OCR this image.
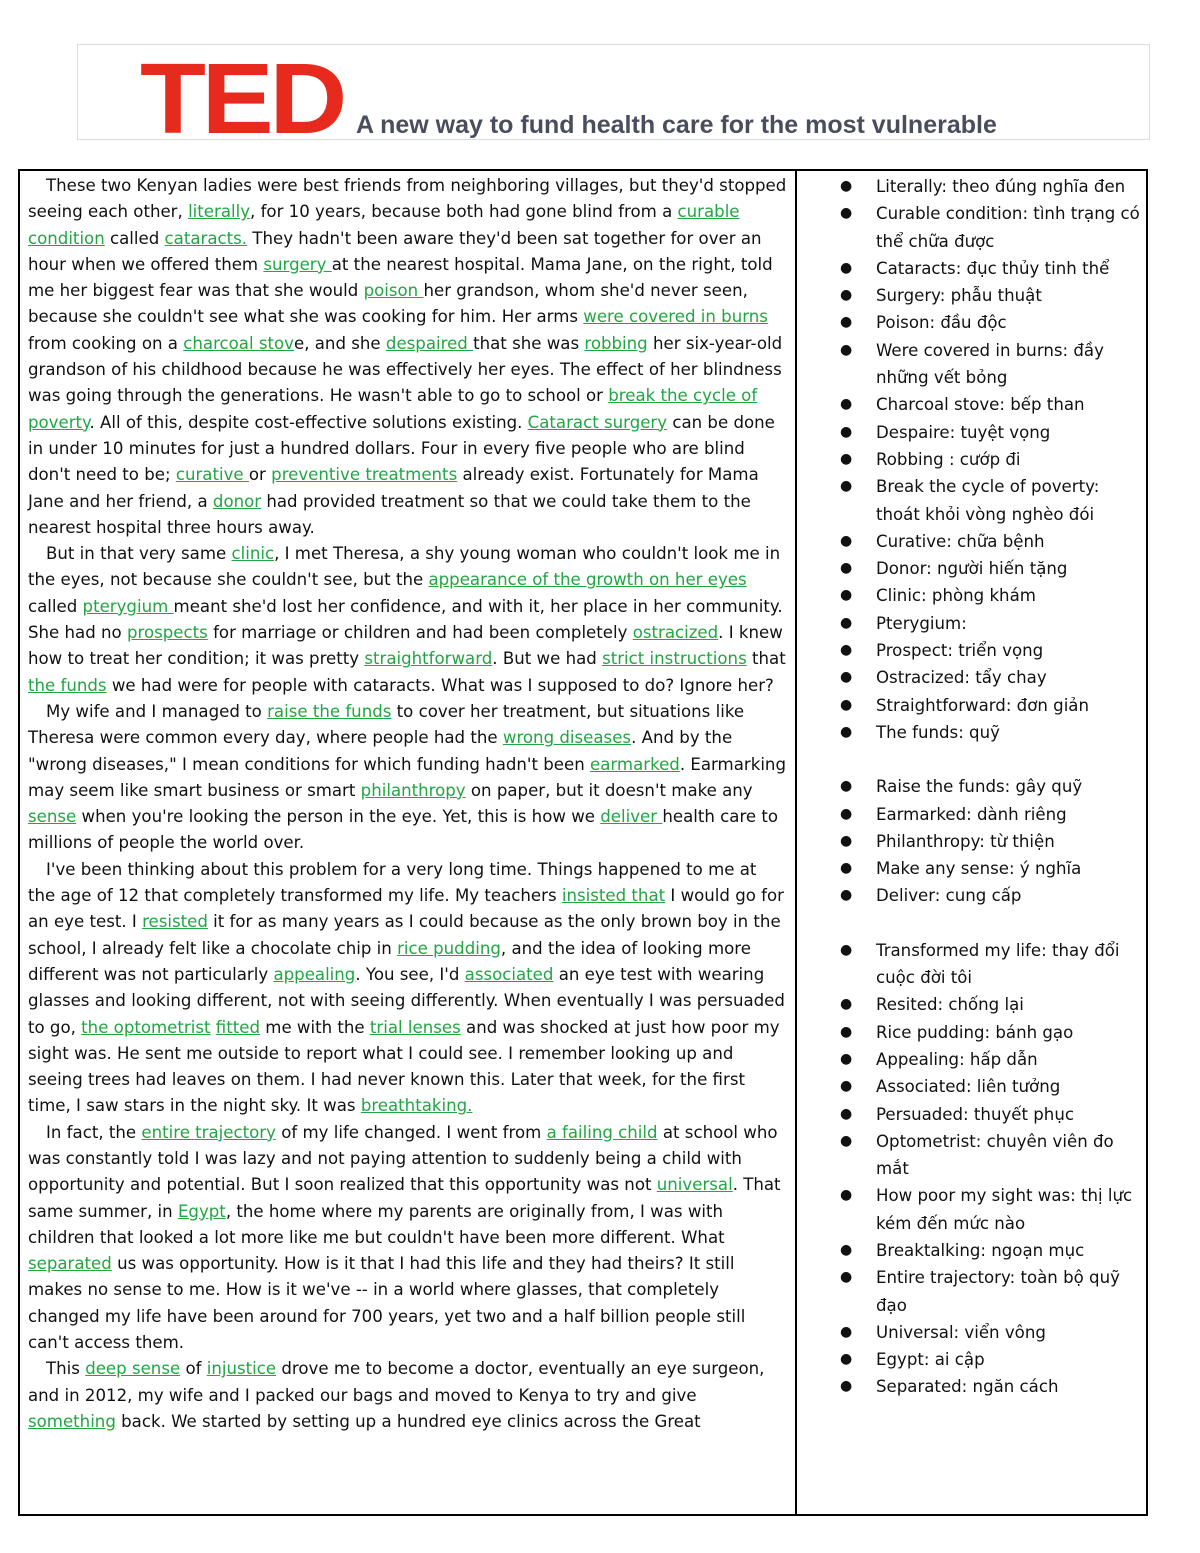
TED A new way to fund health care for the most vulnerable

These two Kenyan ladies were best friends from neighboring villages, but they'd stopped seeing each other, literally, for 10 years, because both had gone blind from a curable condition called cataracts. They hadn't been aware they'd been sat together for over an hour when we offered them surgery at the nearest hospital. Mama Jane, on the right, told me her biggest fear was that she would poison her grandson, whom she'd never seen, because she couldn't see what she was cooking for him. Her arms were covered in burns from cooking on a charcoal stove, and she despaired that she was robbing her six-year-old grandson of his childhood because he was effectively her eyes. The effect of her blindness was going through the generations. He wasn't able to go to school or break the cycle of poverty. All of this, despite cost-effective solutions existing. Cataract surgery can be done in under 10 minutes for just a hundred dollars. Four in every five people who are blind don't need to be; curative or preventive treatments already exist. Fortunately for Mama Jane and her friend, a donor had provided treatment so that we could take them to the nearest hospital three hours away.

But in that very same clinic, I met Theresa, a shy young woman who couldn't look me in the eyes, not because she couldn't see, but the appearance of the growth on her eyes called pterygium meant she'd lost her confidence, and with it, her place in her community. She had no prospects for marriage or children and had been completely ostracized. I knew how to treat her condition; it was pretty straightforward. But we had strict instructions that the funds we had were for people with cataracts. What was I supposed to do? Ignore her?

My wife and I managed to raise the funds to cover her treatment, but situations like Theresa were common every day, where people had the wrong diseases. And by the "wrong diseases," I mean conditions for which funding hadn't been earmarked. Earmarking may seem like smart business or smart philanthropy on paper, but it doesn't make any sense when you're looking the person in the eye. Yet, this is how we deliver health care to millions of people the world over.

I've been thinking about this problem for a very long time. Things happened to me at the age of 12 that completely transformed my life. My teachers insisted that I would go for an eye test. I resisted it for as many years as I could because as the only brown boy in the school, I already felt like a chocolate chip in rice pudding, and the idea of looking more different was not particularly appealing. You see, I'd associated an eye test with wearing glasses and looking different, not with seeing differently. When eventually I was persuaded to go, the optometrist fitted me with the trial lenses and was shocked at just how poor my sight was. He sent me outside to report what I could see. I remember looking up and seeing trees had leaves on them. I had never known this. Later that week, for the first time, I saw stars in the night sky. It was breathtaking.

In fact, the entire trajectory of my life changed. I went from a failing child at school who was constantly told I was lazy and not paying attention to suddenly being a child with opportunity and potential. But I soon realized that this opportunity was not universal. That same summer, in Egypt, the home where my parents are originally from, I was with children that looked a lot more like me but couldn't have been more different. What separated us was opportunity. How is it that I had this life and they had theirs? It still makes no sense to me. How is it we've -- in a world where glasses, that completely changed my life have been around for 700 years, yet two and a half billion people still can't access them.

This deep sense of injustice drove me to become a doctor, eventually an eye surgeon, and in 2012, my wife and I packed our bags and moved to Kenya to try and give something back. We started by setting up a hundred eye clinics across the Great

● Literally: theo đúng nghĩa đen
● Curable condition: tình trạng có thể chữa được
● Cataracts: đục thủy tinh thể
● Surgery: phẫu thuật
● Poison: đầu độc
● Were covered in burns: đầy những vết bỏng
● Charcoal stove: bếp than
● Despaire: tuyệt vọng
● Robbing : cướp đi
● Break the cycle of poverty: thoát khỏi vòng nghèo đói
● Curative: chữa bệnh
● Donor: người hiến tặng
● Clinic: phòng khám
● Pterygium:
● Prospect: triển vọng
● Ostracized: tẩy chay
● Straightforward: đơn giản
● The funds: quỹ
● Raise the funds: gây quỹ
● Earmarked: dành riêng
● Philanthropy: từ thiện
● Make any sense: ý nghĩa
● Deliver: cung cấp
● Transformed my life: thay đổi cuộc đời tôi
● Resited: chống lại
● Rice pudding: bánh gạo
● Appealing: hấp dẫn
● Associated: liên tưởng
● Persuaded: thuyết phục
● Optometrist: chuyên viên đo mắt
● How poor my sight was: thị lực kém đến mức nào
● Breaktalking: ngoạn mục
● Entire trajectory: toàn bộ quỹ đạo
● Universal: viển vông
● Egypt: ai cập
● Separated: ngăn cách
